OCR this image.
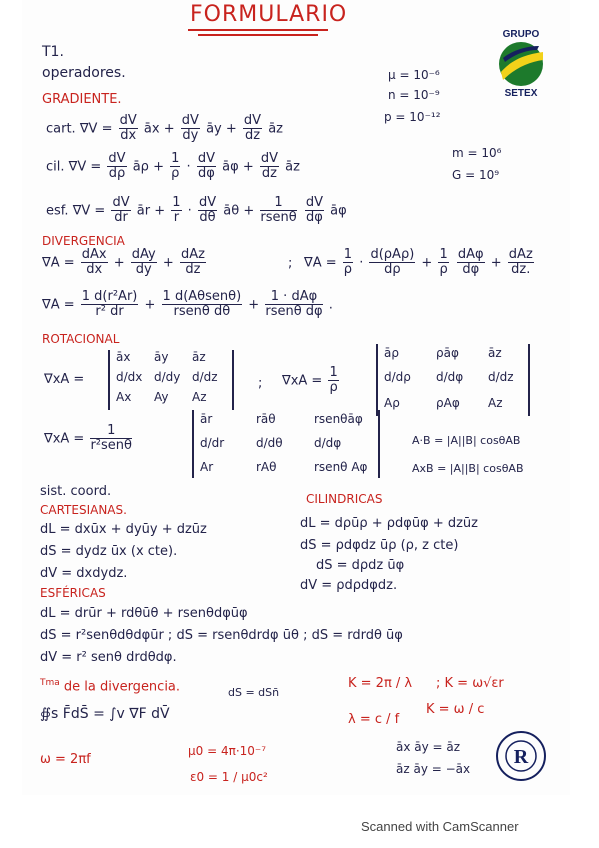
FORMULARIO
GRUPO
SETEX
T1.
operadores.	μ = 10⁻⁶
n = 10⁻⁹
p = 10⁻¹²
m = 10⁶
G = 10⁹
GRADIENTE.
cart. $\nabla V = \frac{dV}{dx}$ āx + $\frac{dV}{dy}$ āy + $\frac{dV}{dz}$ āz
cil. $\nabla V = \frac{dV}{d\rho}$ āρ + $\frac{1}{\rho} \cdot \frac{dV}{d\varphi}$ āφ + $\frac{dV}{dz}$ āz
esf. $\nabla V = \frac{dV}{dr}$ ār + $\frac{1}{r} \cdot \frac{dV}{d\theta}$ āθ + $\frac{1}{\text{rsenθ}}$
$\frac{dV}{d\varphi}$ āφ
DIVERGENCIA
$\nabla A = \frac{\text{dAx}}{dx} + \frac{\text{dAy}}{dy} + \frac{\text{dAz}}{dz}$	; $\nabla A = \frac{1}{\rho} \cdot \frac{\text{d(ρAρ)}}{d\rho} + \frac{1}{\rho}$
$\frac{\text{dAφ}}{d\varphi} + \frac{\text{dAz}}{dz.}$
$\nabla A = \frac{\text{1 d(r²Ar)}}{\text{r² dr}} + \frac{\text{1 d(Aθsenθ)}}{\text{rsenθ dθ}} + \frac{\text{1 · dAφ}}{\text{rsenθ dφ}}$ .
ROTACIONAL
∇xA =
āx āy āz
d/dx d/dy d/dz
Ax Ay Az
; $\nabla xA = \frac{1}{\rho}$
āρ	ρāφ āz
d/dρ d/dφ d/dz
Aρ	ρAφ Az
$\nabla xA = \frac{1}{\text{r²senθ}}$
ār	rāθ	rsenθāφ
d/dr	d/dθ	d/dφ
Ar	rAθ	rsenθ Aφ
A·B = |A||B| cosθAB
AxB = |A||B| cosθAB
sist. coord.
CARTESIANAS.
dL = dxūx + dyūy + dzūz
dS = dydz ūx (x cte).
dV = dxdydz.
CILINDRICAS
dL = dρūρ + ρdφūφ + dzūz
dS = ρdφdz ūρ (ρ, z cte)
dS = dρdz ūφ
dV = ρdρdφdz.
ESFÉRICAS
dL = drūr + rdθūθ + rsenθdφūφ
dS = r²senθdθdφūr ; dS = rsenθdrdφ ūθ ; dS = rdrdθ ūφ
dV = r² senθ drdθdφ.
$^{Tma}$ de la divergencia.	dS = dSn̄
∯s F̄dS̄ = ∫v ∇F dV̄
K = 2π / λ ; K = ω√εr
λ = c / f
K = ω / c
ω = 2πf
μ0 = 4π·10⁻⁷
ε0 = 1 / μ0c²
āx āy = āz
āz āy = −āx
R
Scanned with CamScanner
